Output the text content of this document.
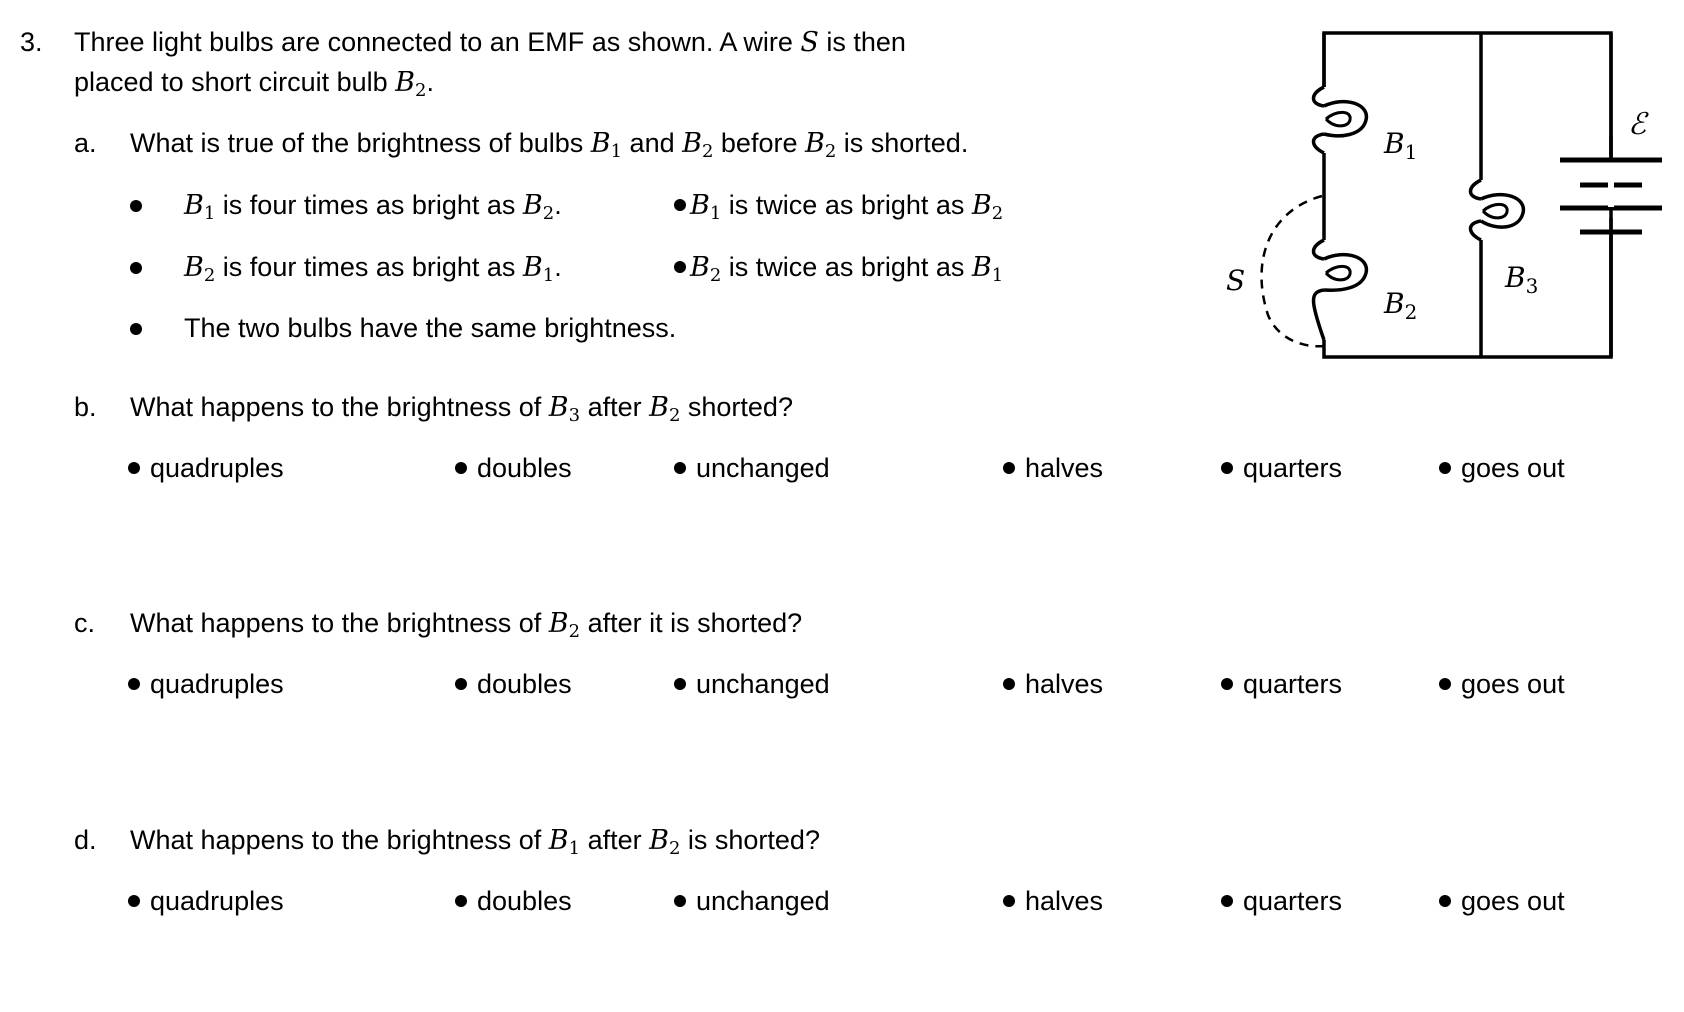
3. Three light bulbs are connected to an EMF as shown. A wire S is then
placed to short circuit bulb $B_2$.
a. What is true of the brightness of bulbs $B_1$ and $B_2$ before $B_2$ is shorted.
$B_1$ is four times as bright as $B_2$.	$B_1$ is twice as bright as $B_2$
$B_2$ is four times as bright as $B_1$.	$B_2$ is twice as bright as $B_1$
The two bulbs have the same brightness.
b. What happens to the brightness of $B_3$ after $B_2$ shorted?
quadruples	doubles	unchanged	halves	quarters	goes out
c. What happens to the brightness of $B_2$ after it is shorted?
quadruples	doubles	unchanged	halves	quarters	goes out
d. What happens to the brightness of $B_1$ after $B_2$ is shorted?
quadruples	doubles	unchanged	halves	quarters	goes out
$B_1$
$B_2$
$B_3$
S
ℰ
